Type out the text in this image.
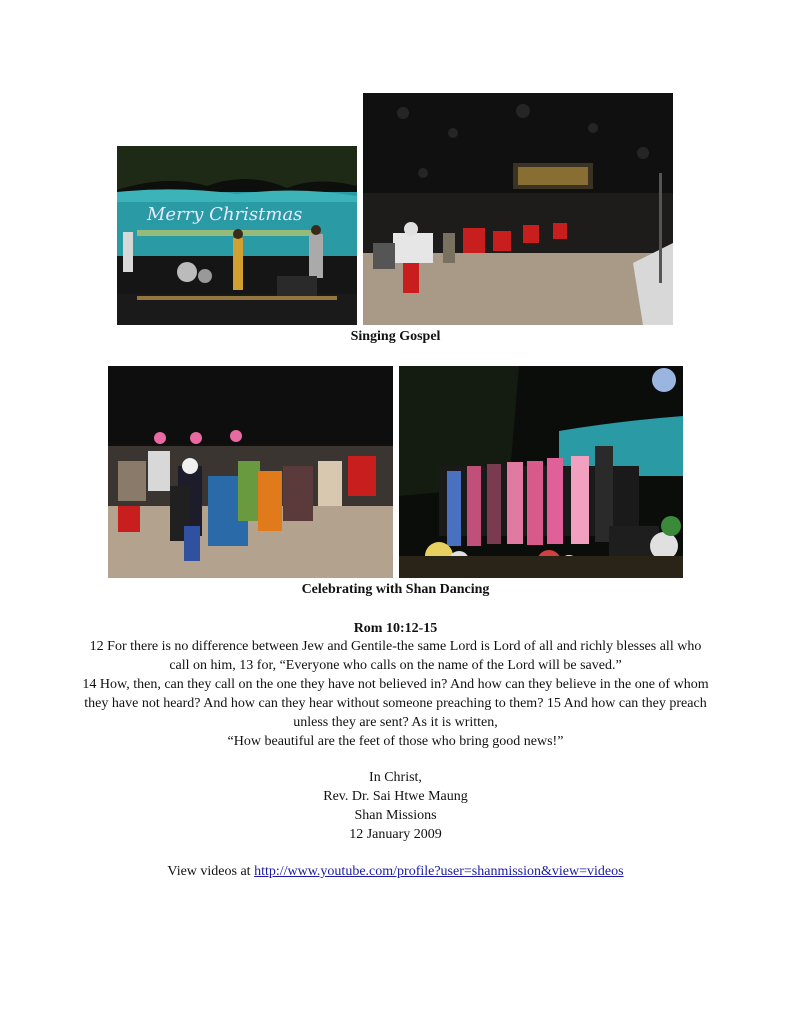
Merry Christmas
Singing Gospel
Celebrating with Shan Dancing
Rom 10:12-15
12 For there is no difference between Jew and Gentile-the same Lord is Lord of all and richly blesses all who call on him, 13 for, “Everyone who calls on the name of the Lord will be saved.”
14 How, then, can they call on the one they have not believed in? And how can they believe in the one of whom they have not heard? And how can they hear without someone preaching to them? 15 And how can they preach unless they are sent? As it is written,
“How beautiful are the feet of those who bring good news!”
In Christ,
Rev. Dr. Sai Htwe Maung
Shan Missions
12 January 2009
View videos at http://www.youtube.com/profile?user=shanmission&view=videos
